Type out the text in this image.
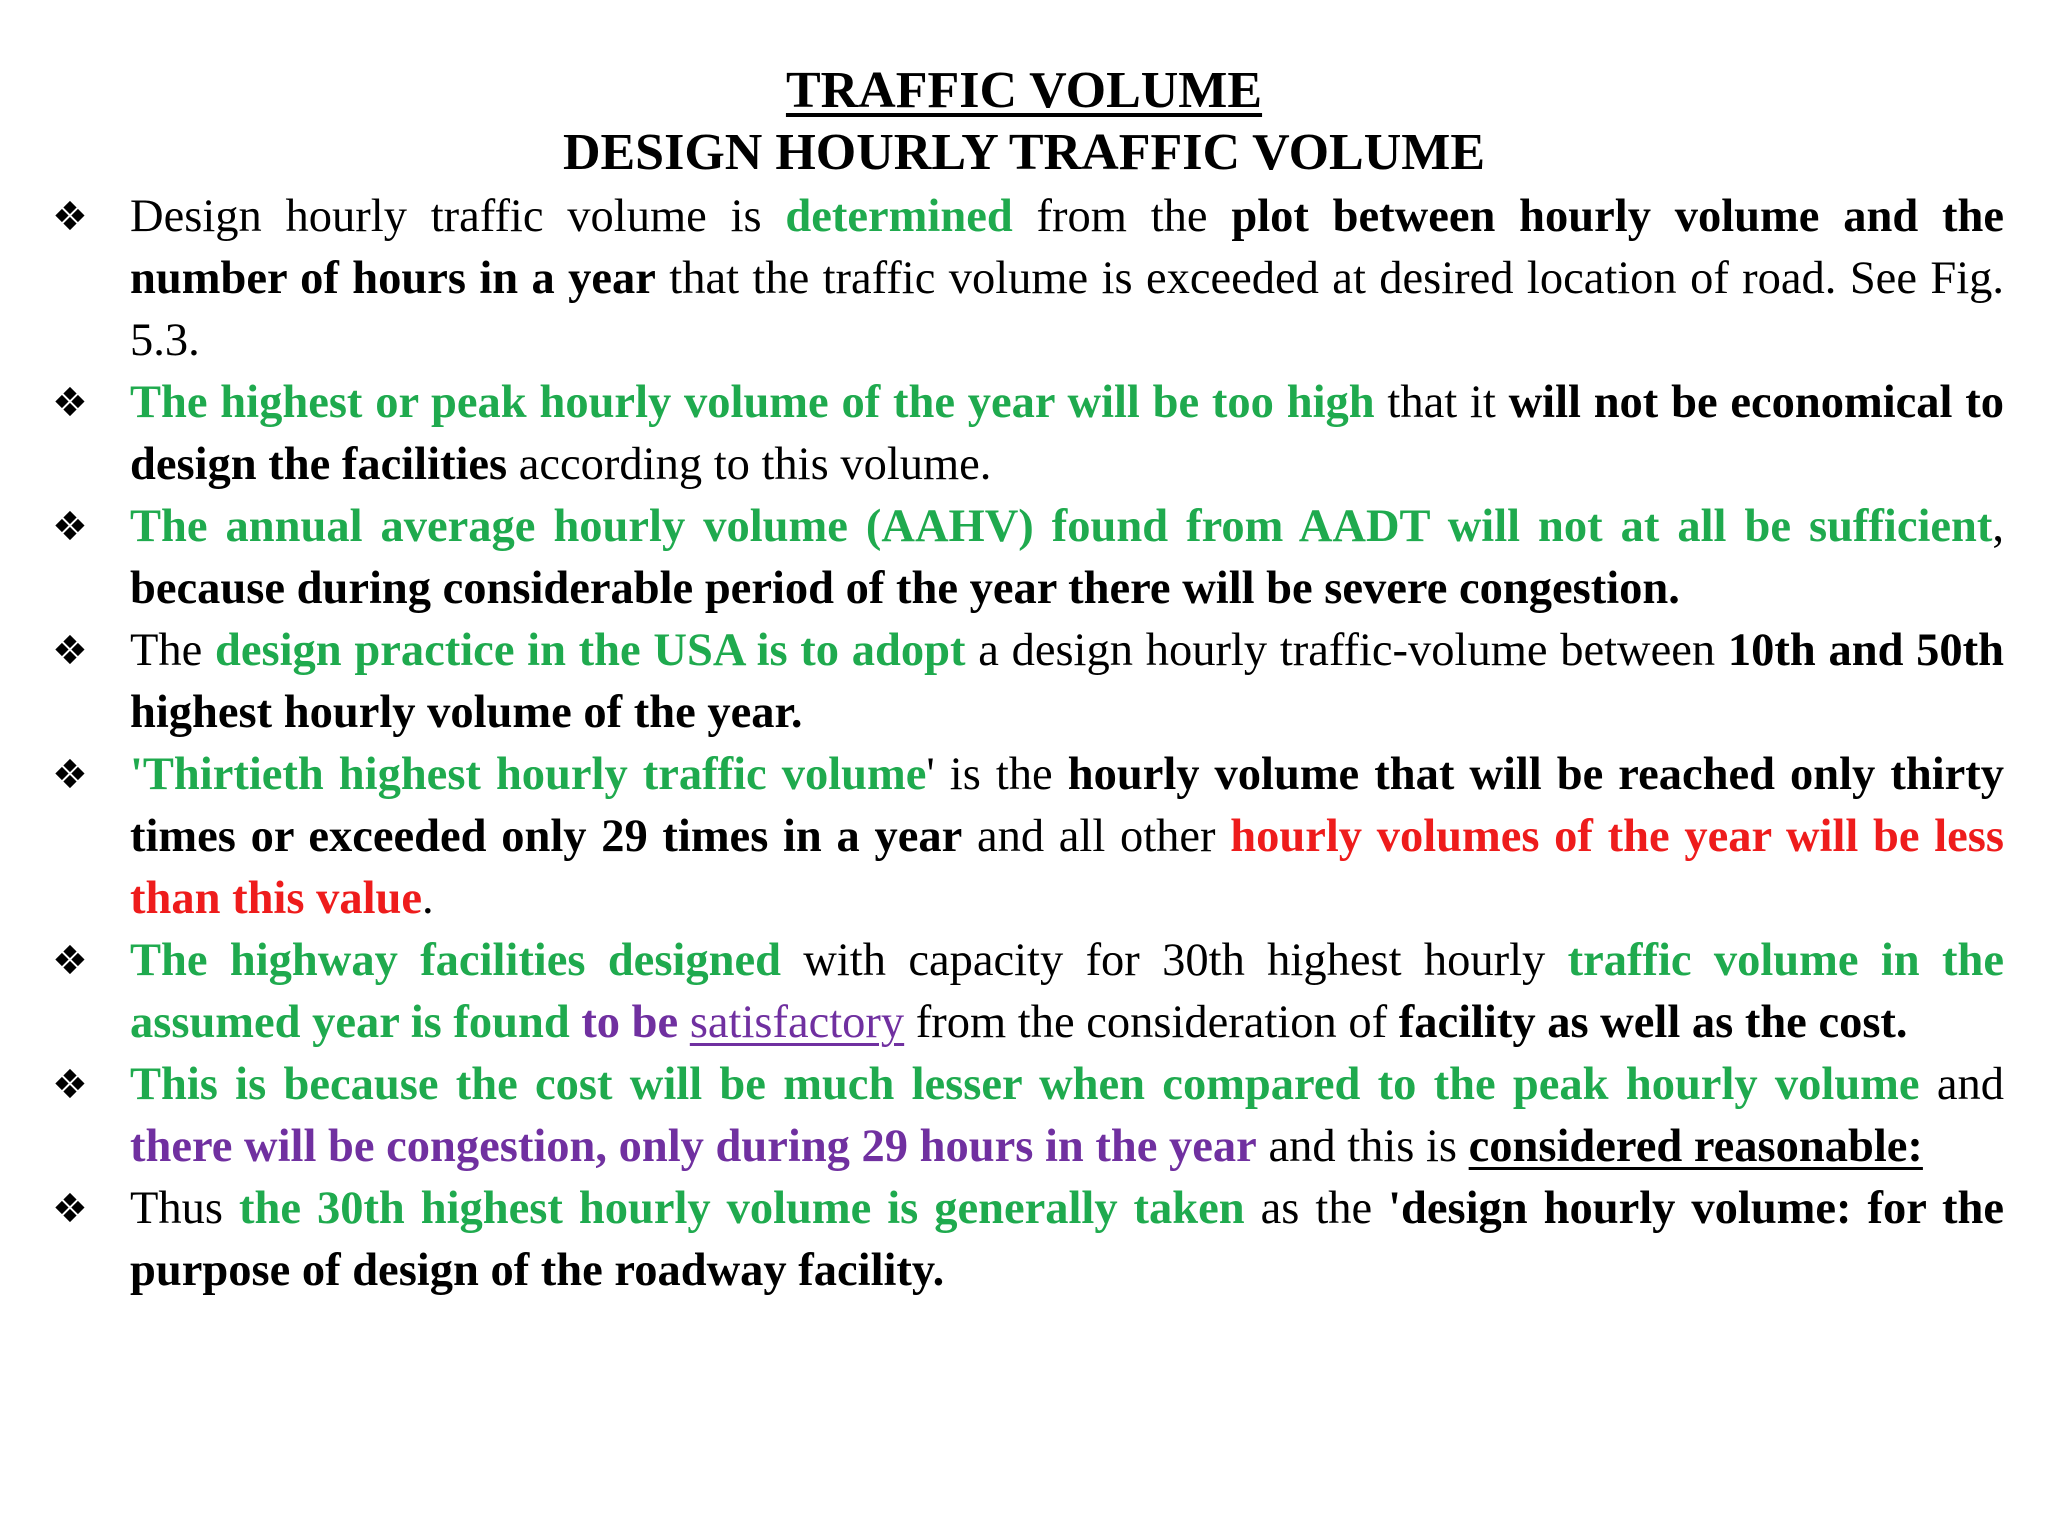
TRAFFIC VOLUME
DESIGN HOURLY TRAFFIC VOLUME
❖ Design hourly traffic volume is determined from the plot between hourly volume and the number of hours in a year that the traffic volume is exceeded at desired location of road. See Fig. 5.3.
❖ The highest or peak hourly volume of the year will be too high that it will not be economical to design the facilities according to this volume.
❖ The annual average hourly volume (AAHV) found from AADT will not at all be sufficient, because during considerable period of the year there will be severe congestion.
❖ The design practice in the USA is to adopt a design hourly traffic-volume between 10th and 50th highest hourly volume of the year.
❖ 'Thirtieth highest hourly traffic volume' is the hourly volume that will be reached only thirty times or exceeded only 29 times in a year and all other hourly volumes of the year will be less than this value.
❖ The highway facilities designed with capacity for 30th highest hourly traffic volume in the assumed year is found to be satisfactory from the consideration of facility as well as the cost.
❖ This is because the cost will be much lesser when compared to the peak hourly volume and there will be congestion, only during 29 hours in the year and this is considered reasonable:
❖ Thus the 30th highest hourly volume is generally taken as the 'design hourly volume: for the purpose of design of the roadway facility.
